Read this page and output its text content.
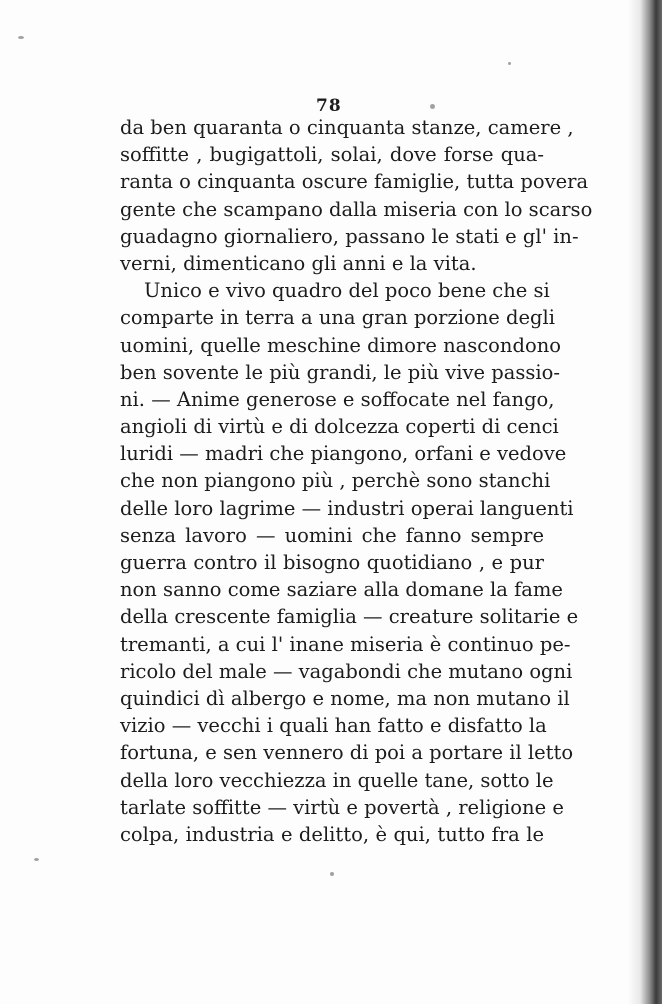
78
da ben quaranta o cinquanta stanze, camere ,
soffitte , bugigattoli, solai, dove forse qua-
ranta o cinquanta oscure famiglie, tutta povera
gente che scampano dalla miseria con lo scarso
guadagno giornaliero, passano le stati e gl' in-
verni, dimenticano gli anni e la vita.
Unico e vivo quadro del poco bene che si
comparte in terra a una gran porzione degli
uomini, quelle meschine dimore nascondono
ben sovente le più grandi, le più vive passio-
ni. — Anime generose e soffocate nel fango,
angioli di virtù e di dolcezza coperti di cenci
luridi — madri che piangono, orfani e vedove
che non piangono più , perchè sono stanchi
delle loro lagrime — industri operai languenti
senza lavoro — uomini che fanno sempre
guerra contro il bisogno quotidiano , e pur
non sanno come saziare alla domane la fame
della crescente famiglia — creature solitarie e
tremanti, a cui l' inane miseria è continuo pe-
ricolo del male — vagabondi che mutano ogni
quindici dì albergo e nome, ma non mutano il
vizio — vecchi i quali han fatto e disfatto la
fortuna, e sen vennero di poi a portare il letto
della loro vecchiezza in quelle tane, sotto le
tarlate soffitte — virtù e povertà , religione e
colpa, industria e delitto, è qui, tutto fra le
